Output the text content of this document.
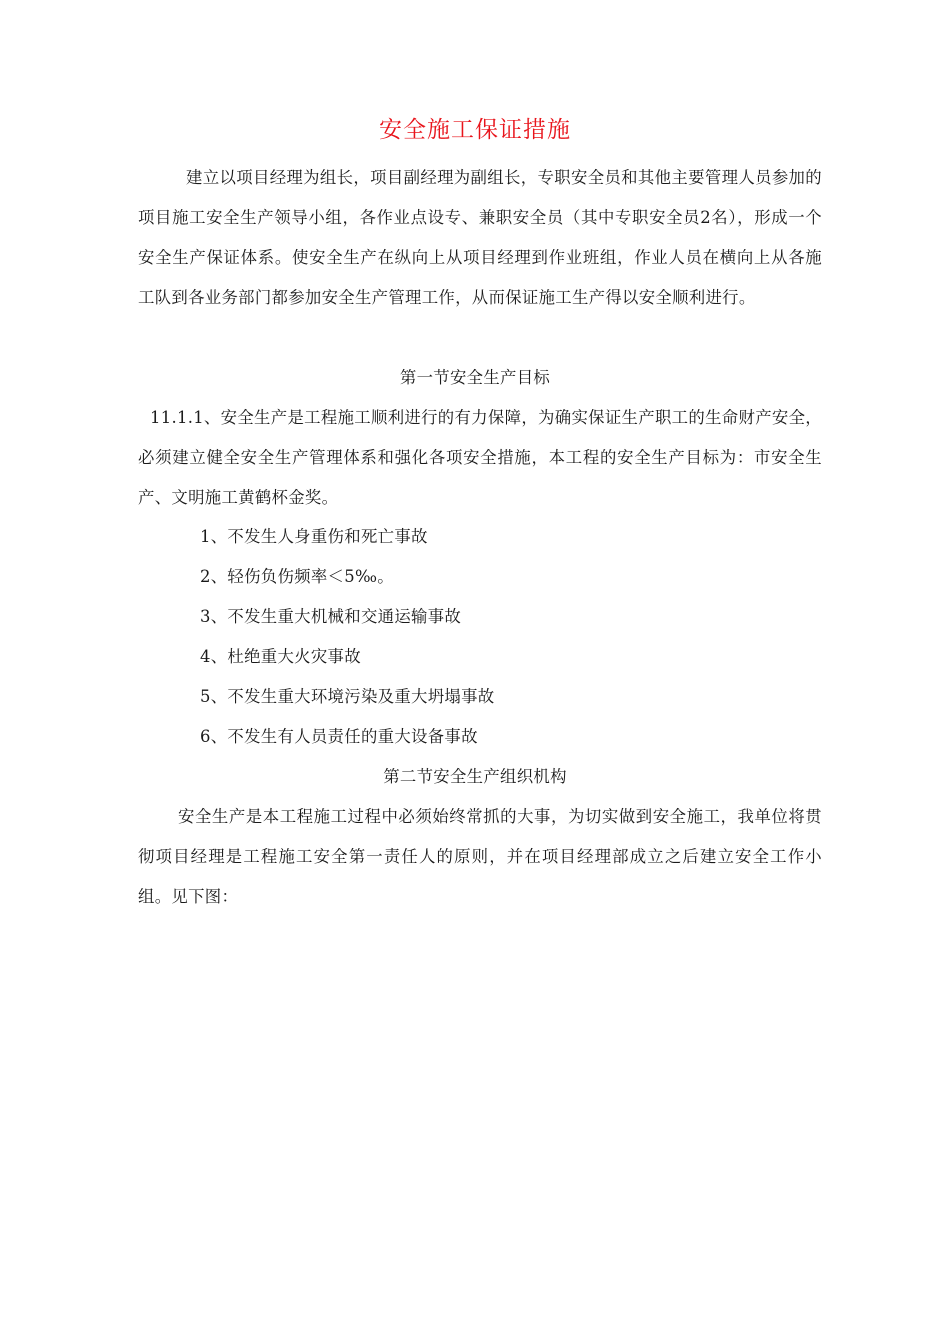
安全施工保证措施
建立以项目经理为组长，项目副经理为副组长，专职安全员和其他主要管理人员参加的项目施工安全生产领导小组，各作业点设专、兼职安全员（其中专职安全员2名），形成一个安全生产保证体系。使安全生产在纵向上从项目经理到作业班组，作业人员在横向上从各施工队到各业务部门都参加安全生产管理工作，从而保证施工生产得以安全顺利进行。
第一节安全生产目标
11.1.1、安全生产是工程施工顺利进行的有力保障，为确实保证生产职工的生命财产安全，必须建立健全安全生产管理体系和强化各项安全措施，本工程的安全生产目标为：市安全生产、文明施工黄鹤杯金奖。
1、不发生人身重伤和死亡事故
2、轻伤负伤频率＜5‰。
3、不发生重大机械和交通运输事故
4、杜绝重大火灾事故
5、不发生重大环境污染及重大坍塌事故
6、不发生有人员责任的重大设备事故
第二节安全生产组织机构
安全生产是本工程施工过程中必须始终常抓的大事，为切实做到安全施工，我单位将贯彻项目经理是工程施工安全第一责任人的原则，并在项目经理部成立之后建立安全工作小组。见下图：
